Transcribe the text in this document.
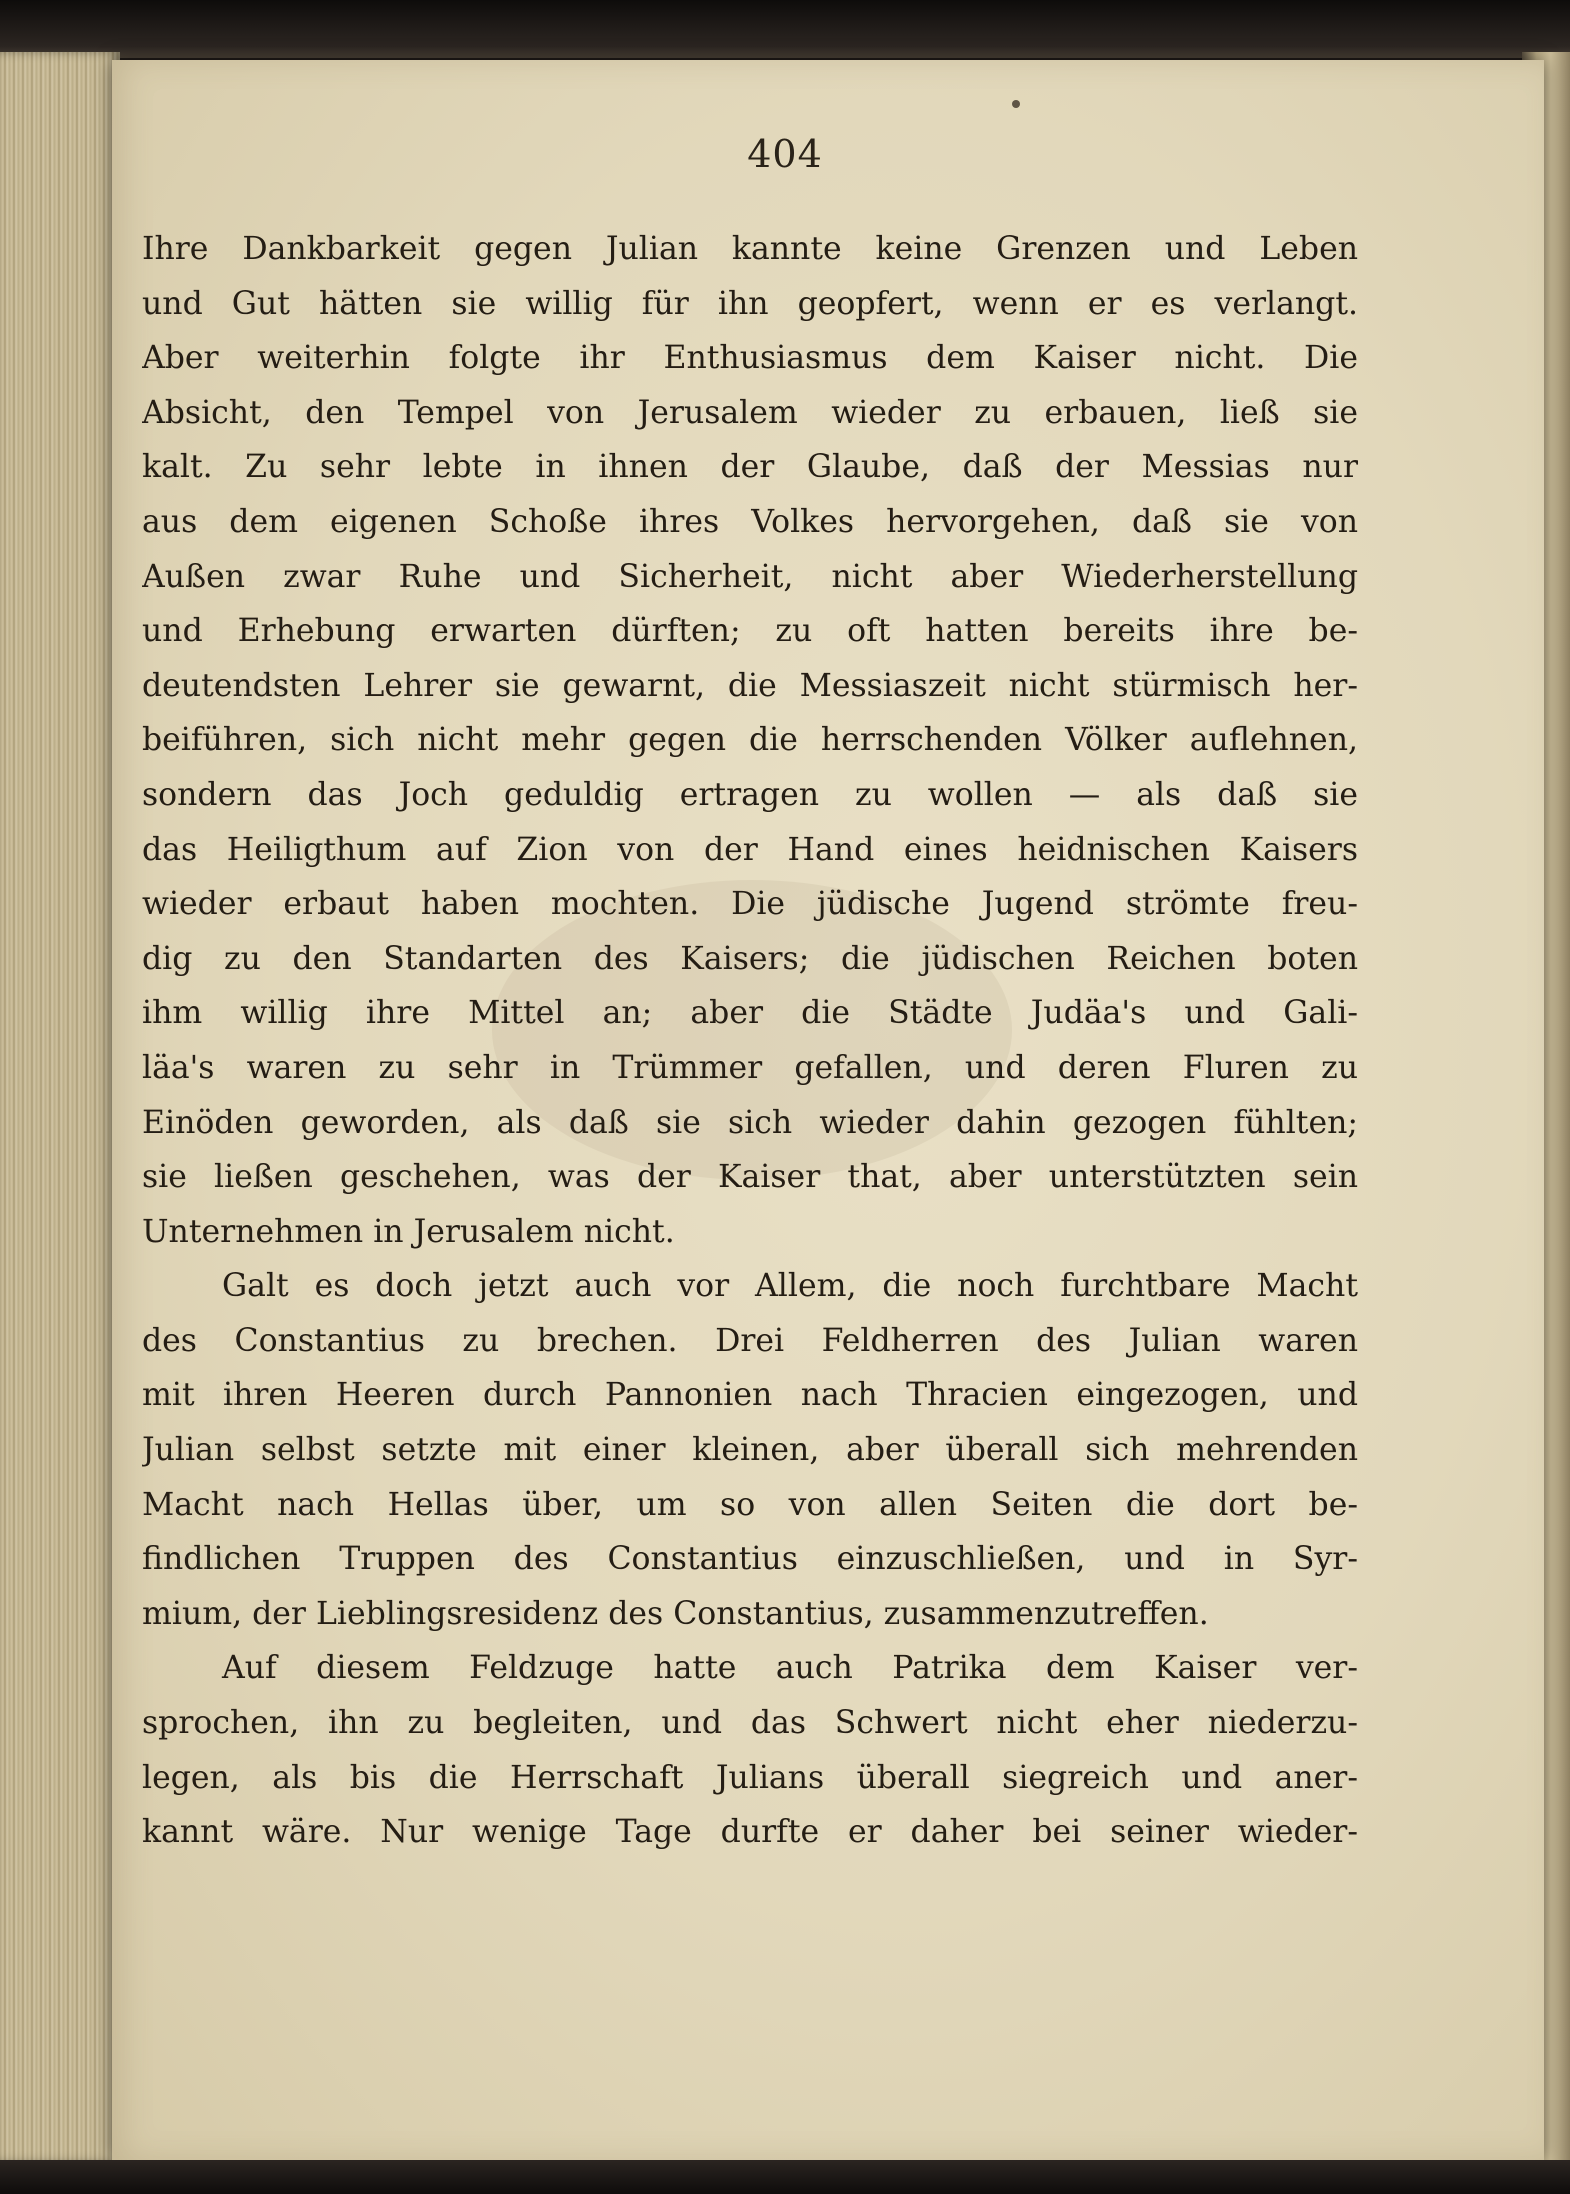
404
Ihre Dankbarkeit gegen Julian kannte keine Grenzen und Leben
und Gut hätten sie willig für ihn geopfert, wenn er es verlangt.
Aber weiterhin folgte ihr Enthusiasmus dem Kaiser nicht. Die
Absicht, den Tempel von Jerusalem wieder zu erbauen, ließ sie
kalt. Zu sehr lebte in ihnen der Glaube, daß der Messias nur
aus dem eigenen Schoße ihres Volkes hervorgehen, daß sie von
Außen zwar Ruhe und Sicherheit, nicht aber Wiederherstellung
und Erhebung erwarten dürften; zu oft hatten bereits ihre be-
deutendsten Lehrer sie gewarnt, die Messiaszeit nicht stürmisch her-
beiführen, sich nicht mehr gegen die herrschenden Völker auflehnen,
sondern das Joch geduldig ertragen zu wollen — als daß sie
das Heiligthum auf Zion von der Hand eines heidnischen Kaisers
wieder erbaut haben mochten. Die jüdische Jugend strömte freu-
dig zu den Standarten des Kaisers; die jüdischen Reichen boten
ihm willig ihre Mittel an; aber die Städte Judäa's und Gali-
läa's waren zu sehr in Trümmer gefallen, und deren Fluren zu
Einöden geworden, als daß sie sich wieder dahin gezogen fühlten;
sie ließen geschehen, was der Kaiser that, aber unterstützten sein
Unternehmen in Jerusalem nicht.
Galt es doch jetzt auch vor Allem, die noch furchtbare Macht
des Constantius zu brechen. Drei Feldherren des Julian waren
mit ihren Heeren durch Pannonien nach Thracien eingezogen, und
Julian selbst setzte mit einer kleinen, aber überall sich mehrenden
Macht nach Hellas über, um so von allen Seiten die dort be-
findlichen Truppen des Constantius einzuschließen, und in Syr-
mium, der Lieblingsresidenz des Constantius, zusammenzutreffen.
Auf diesem Feldzuge hatte auch Patrika dem Kaiser ver-
sprochen, ihn zu begleiten, und das Schwert nicht eher niederzu-
legen, als bis die Herrschaft Julians überall siegreich und aner-
kannt wäre. Nur wenige Tage durfte er daher bei seiner wieder-
